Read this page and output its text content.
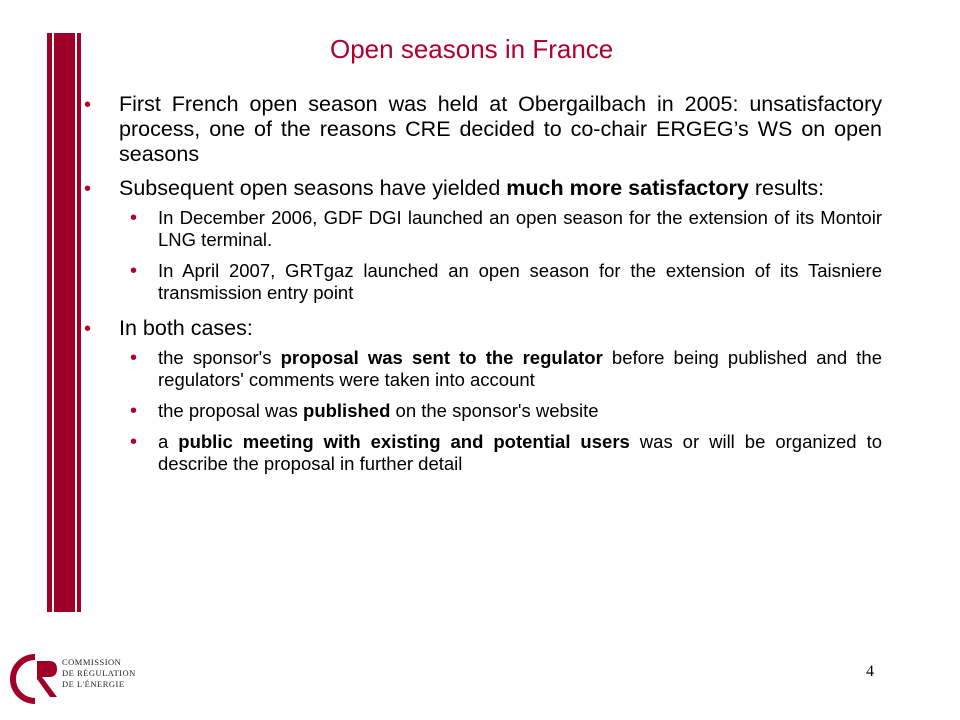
Open seasons in France
• First French open season was held at Obergailbach in 2005: unsatisfactory process, one of the reasons CRE decided to co-chair ERGEG’s WS on open seasons
• Subsequent open seasons have yielded much more satisfactory results:
• In December 2006, GDF DGI launched an open season for the extension of its Montoir LNG terminal.
• In April 2007, GRTgaz launched an open season for the extension of its Taisniere transmission entry point
• In both cases:
• the sponsor's proposal was sent to the regulator before being published and the regulators' comments were taken into account
• the proposal was published on the sponsor's website
• a public meeting with existing and potential users was or will be organized to describe the proposal in further detail
COMMISSION
DE RÉGULATION
DE L'ÉNERGIE
4
